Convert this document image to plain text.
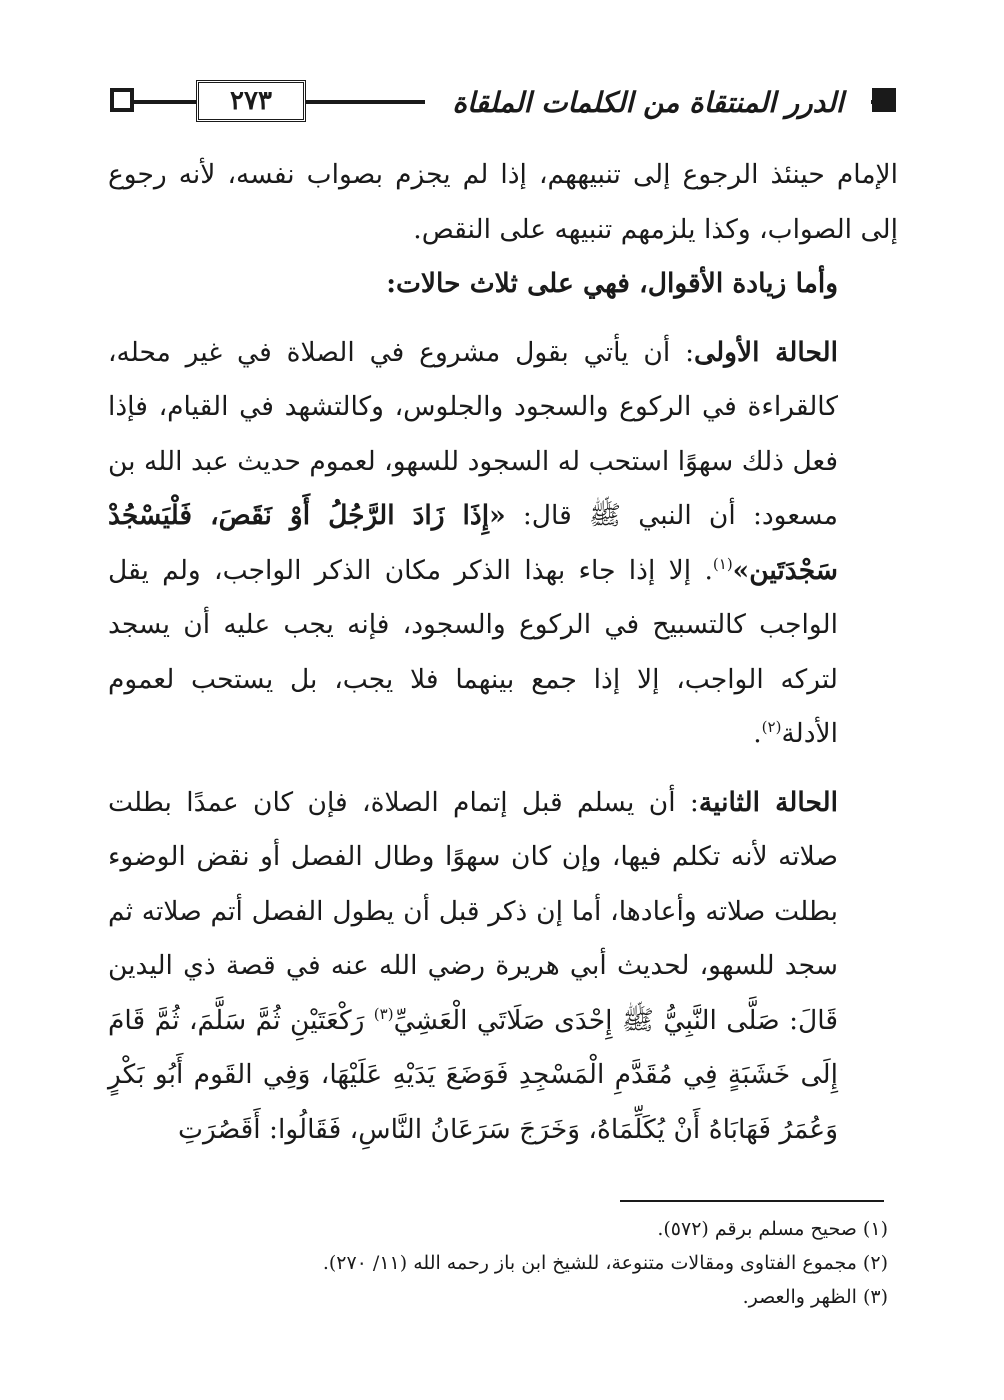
٢٧٣	الدرر المنتقاة من الكلمات الملقاة

الإمام حينئذ الرجوع إلى تنبيههم، إذا لم يجزم بصواب نفسه، لأنه رجوع إلى الصواب، وكذا يلزمهم تنبيهه على النقص.

وأما زيادة الأقوال، فهي على ثلاث حالات:

الحالة الأولى: أن يأتي بقول مشروع في الصلاة في غير محله، كالقراءة في الركوع والسجود والجلوس، وكالتشهد في القيام، فإذا فعل ذلك سهوًا استحب له السجود للسهو، لعموم حديث عبد الله بن مسعود: أن النبي ﷺ قال: «إِذَا زَادَ الرَّجُلُ أَوْ نَقَصَ، فَلْيَسْجُدْ سَجْدَتَين»$^{(١)}$. إلا إذا جاء بهذا الذكر مكان الذكر الواجب، ولم يقل الواجب كالتسبيح في الركوع والسجود، فإنه يجب عليه أن يسجد لتركه الواجب، إلا إذا جمع بينهما فلا يجب، بل يستحب لعموم الأدلة$^{(٢)}$.

الحالة الثانية: أن يسلم قبل إتمام الصلاة، فإن كان عمدًا بطلت صلاته لأنه تكلم فيها، وإن كان سهوًا وطال الفصل أو نقض الوضوء بطلت صلاته وأعادها، أما إن ذكر قبل أن يطول الفصل أتم صلاته ثم سجد للسهو، لحديث أبي هريرة رضي الله عنه في قصة ذي اليدين قَالَ: صَلَّى النَّبِيُّ ﷺ إِحْدَى صَلَاتَي الْعَشِيِّ$^{(٣)}$ رَكْعَتَيْنِ ثُمَّ سَلَّمَ، ثُمَّ قَامَ إِلَى خَشَبَةٍ فِي مُقَدَّمِ الْمَسْجِدِ فَوَضَعَ يَدَيْهِ عَلَيْهَا، وَفِي القَوم أَبُو بَكْرٍ وَعُمَرُ فَهَابَاهُ أَنْ يُكَلِّمَاهُ، وَخَرَجَ سَرَعَانُ النَّاسِ، فَقَالُوا: أَقَصُرَتِ

(١) صحيح مسلم برقم (٥٧٢).

(٢) مجموع الفتاوى ومقالات متنوعة، للشيخ ابن باز رحمه الله (١١/ ٢٧٠).

(٣) الظهر والعصر.
